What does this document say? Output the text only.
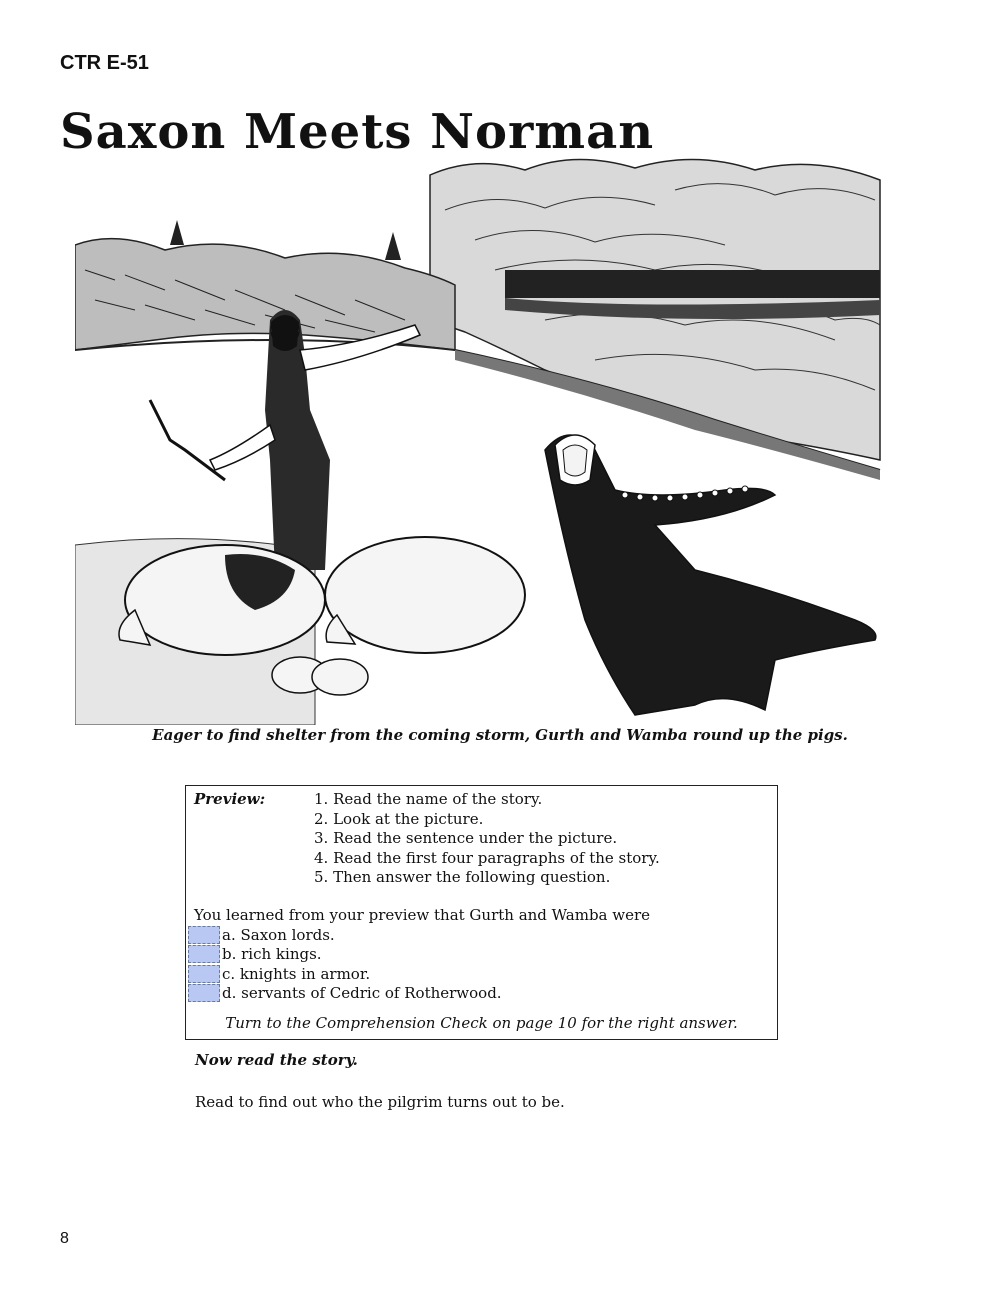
CTR E-51
Saxon Meets Norman
Eager to find shelter from the coming storm, Gurth and Wamba round up the pigs.
Preview:	1. Read the name of the story.
2. Look at the picture.
3. Read the sentence under the picture.
4. Read the first four paragraphs of the story.
5. Then answer the following question.
You learned from your preview that Gurth and Wamba were
a. Saxon lords.
b. rich kings.
c. knights in armor.
d. servants of Cedric of Rotherwood.
Turn to the Comprehension Check on page 10 for the right answer.
Now read the story.
Read to find out who the pilgrim turns out to be.
8
